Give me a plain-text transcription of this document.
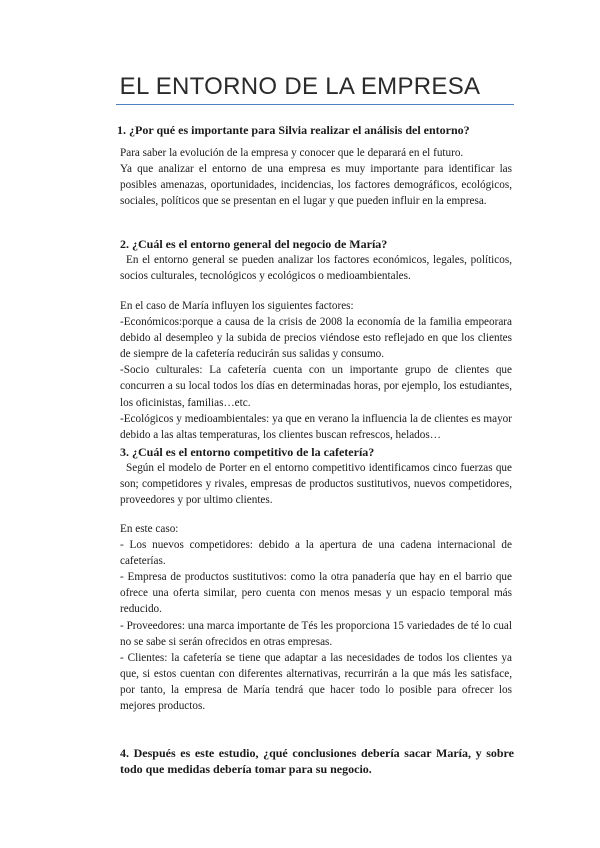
EL ENTORNO DE LA EMPRESA

1. ¿Por qué es importante para Silvia realizar el análisis del entorno?

Para saber la evolución de la empresa y conocer que le deparará en el futuro.
Ya que analizar el entorno de una empresa es muy importante para identificar las posibles amenazas, oportunidades, incidencias, los factores demográficos, ecológicos, sociales, políticos que se presentan en el lugar y que pueden influir en la empresa.

2. ¿Cuál es el entorno general del negocio de María?

En el entorno general se pueden analizar los factores económicos, legales, políticos, socios culturales, tecnológicos y ecológicos o medioambientales.
En el caso de María influyen los siguientes factores:
-Económicos:porque a causa de la crisis de 2008 la economía de la familia empeorara debido al desempleo y la subida de precios viéndose esto reflejado en que los clientes de siempre de la cafetería reducirán sus salidas y consumo.
-Socio culturales: La cafetería cuenta con un importante grupo de clientes que concurren a su local todos los días en determinadas horas, por ejemplo, los estudiantes, los oficinistas, familias…etc.
-Ecológicos y medioambientales: ya que en verano la influencia la de clientes es mayor debido a las altas temperaturas, los clientes buscan refrescos, helados…

3. ¿Cuál es el entorno competitivo de la cafetería?

Según el modelo de Porter en el entorno competitivo identificamos cinco fuerzas que son; competidores y rivales, empresas de productos sustitutivos, nuevos competidores, proveedores y por ultimo clientes.
En este caso:
- Los nuevos competidores: debido a la apertura de una cadena internacional de cafeterías.
- Empresa de productos sustitutivos: como la otra panadería que hay en el barrio que ofrece una oferta similar, pero cuenta con menos mesas y un espacio temporal más reducido.
- Proveedores: una marca importante de Tés les proporciona 15 variedades de té lo cual no se sabe si serán ofrecidos en otras empresas.
- Clientes: la cafetería se tiene que adaptar a las necesidades de todos los clientes ya que, si estos cuentan con diferentes alternativas, recurrirán a la que más les satisface, por tanto, la empresa de María tendrá que hacer todo lo posible para ofrecer los mejores productos.

4. Después es este estudio, ¿qué conclusiones debería sacar María, y sobre todo que medidas debería tomar para su negocio.
